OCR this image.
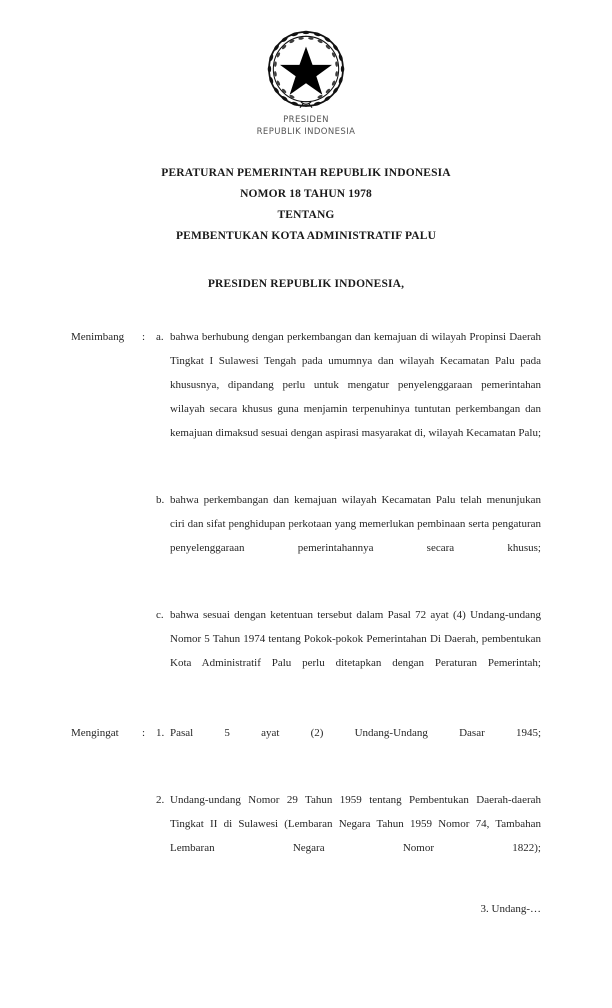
PRESIDEN
REPUBLIK INDONESIA
PERATURAN PEMERINTAH REPUBLIK INDONESIA
NOMOR 18 TAHUN 1978
TENTANG
PEMBENTUKAN KOTA ADMINISTRATIF PALU
PRESIDEN REPUBLIK INDONESIA,
Menimbang	: a. bahwa berhubung dengan perkembangan dan kemajuan di wilayah Propinsi Daerah Tingkat I Sulawesi Tengah pada umumnya dan wilayah Kecamatan Palu pada khususnya, dipandang perlu untuk mengatur penyelenggaraan pemerintahan wilayah secara khusus guna menjamin terpenuhinya tuntutan perkembangan dan kemajuan dimaksud sesuai dengan aspirasi masyarakat di, wilayah Kecamatan Palu;
b. bahwa perkembangan dan kemajuan wilayah Kecamatan Palu telah menunjukan ciri dan sifat penghidupan perkotaan yang memerlukan pembinaan serta pengaturan penyelenggaraan pemerintahannya secara khusus;
c. bahwa sesuai dengan ketentuan tersebut dalam Pasal 72 ayat (4) Undang-undang Nomor 5 Tahun 1974 tentang Pokok-pokok Pemerintahan Di Daerah, pembentukan Kota Administratif Palu perlu ditetapkan dengan Peraturan Pemerintah;
Mengingat	: 1. Pasal 5 ayat (2) Undang-Undang Dasar 1945;
2. Undang-undang Nomor 29 Tahun 1959 tentang Pembentukan Daerah-daerah Tingkat II di Sulawesi (Lembaran Negara Tahun 1959 Nomor 74, Tambahan Lembaran Negara Nomor 1822);
3. Undang-…
